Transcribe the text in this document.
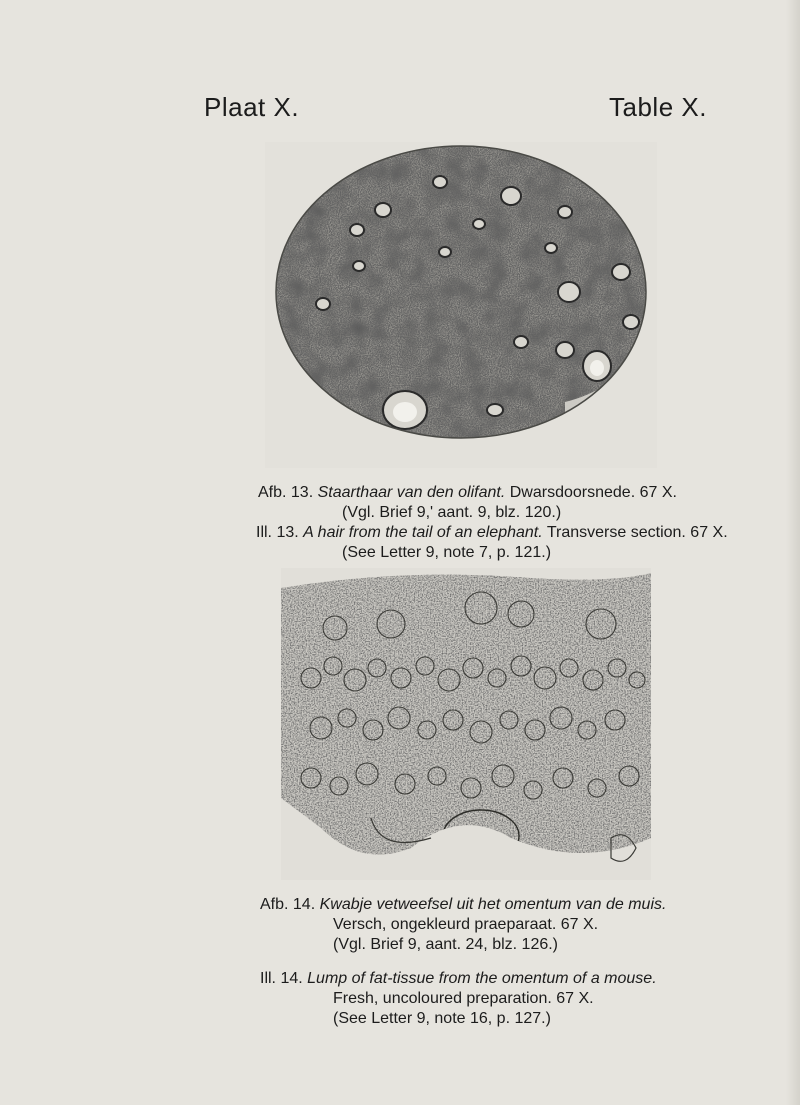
Plaat X.	Table X.
Afb. 13. Staarthaar van den olifant. Dwarsdoorsnede. 67 X.
(Vgl. Brief 9,' aant. 9, blz. 120.)
Ill. 13. A hair from the tail of an elephant. Transverse section. 67 X.
(See Letter 9, note 7, p. 121.)
Afb. 14. Kwabje vetweefsel uit het omentum van de muis.
Versch, ongekleurd praeparaat. 67 X.
(Vgl. Brief 9, aant. 24, blz. 126.)
Ill. 14. Lump of fat-tissue from the omentum of a mouse.
Fresh, uncoloured preparation. 67 X.
(See Letter 9, note 16, p. 127.)
